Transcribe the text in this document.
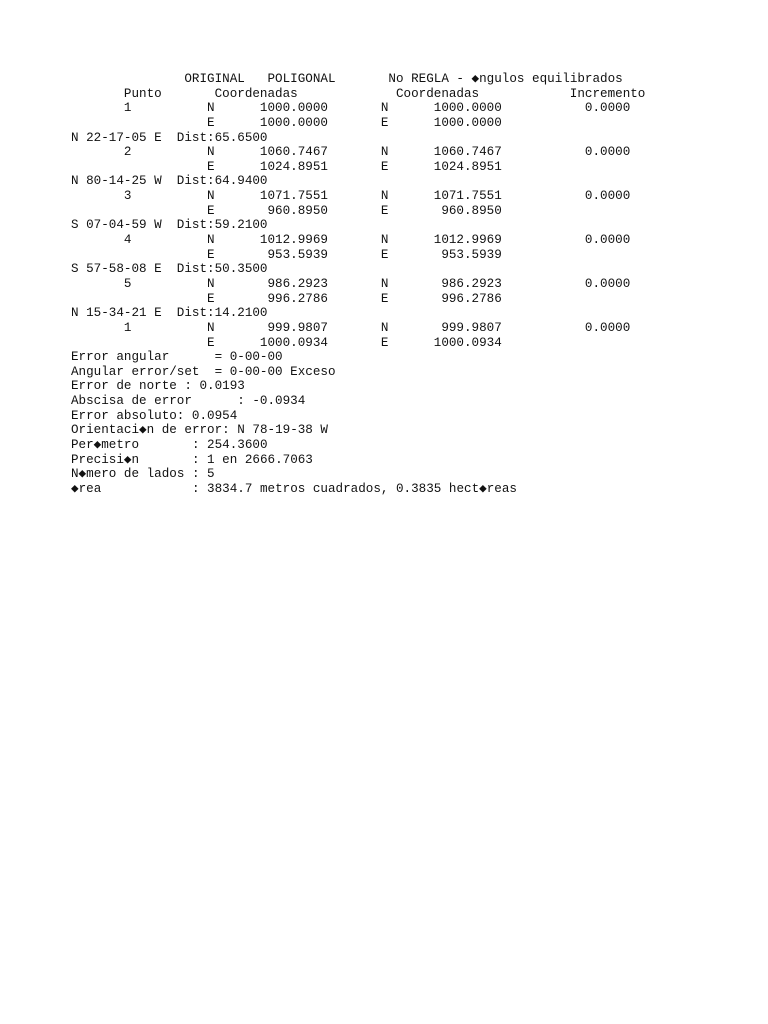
ORIGINAL   POLIGONAL       No REGLA - ◆ngulos equilibrados
Punto       Coordenadas             Coordenadas            Incremento
1          N      1000.0000       N      1000.0000           0.0000
E      1000.0000       E      1000.0000
N 22-17-05 E  Dist:65.6500
2          N      1060.7467       N      1060.7467           0.0000
E      1024.8951       E      1024.8951
N 80-14-25 W  Dist:64.9400
3          N      1071.7551       N      1071.7551           0.0000
E       960.8950       E       960.8950
S 07-04-59 W  Dist:59.2100
4          N      1012.9969       N      1012.9969           0.0000
E       953.5939       E       953.5939
S 57-58-08 E  Dist:50.3500
5          N       986.2923       N       986.2923           0.0000
E       996.2786       E       996.2786
N 15-34-21 E  Dist:14.2100
1          N       999.9807       N       999.9807           0.0000
E      1000.0934       E      1000.0934
Error angular      = 0-00-00
Angular error/set  = 0-00-00 Exceso
Error de norte : 0.0193
Abscisa de error      : -0.0934
Error absoluto: 0.0954
Orientaci◆n de error: N 78-19-38 W
Per◆metro       : 254.3600
Precisi◆n       : 1 en 2666.7063
N◆mero de lados : 5
◆rea            : 3834.7 metros cuadrados, 0.3835 hect◆reas
